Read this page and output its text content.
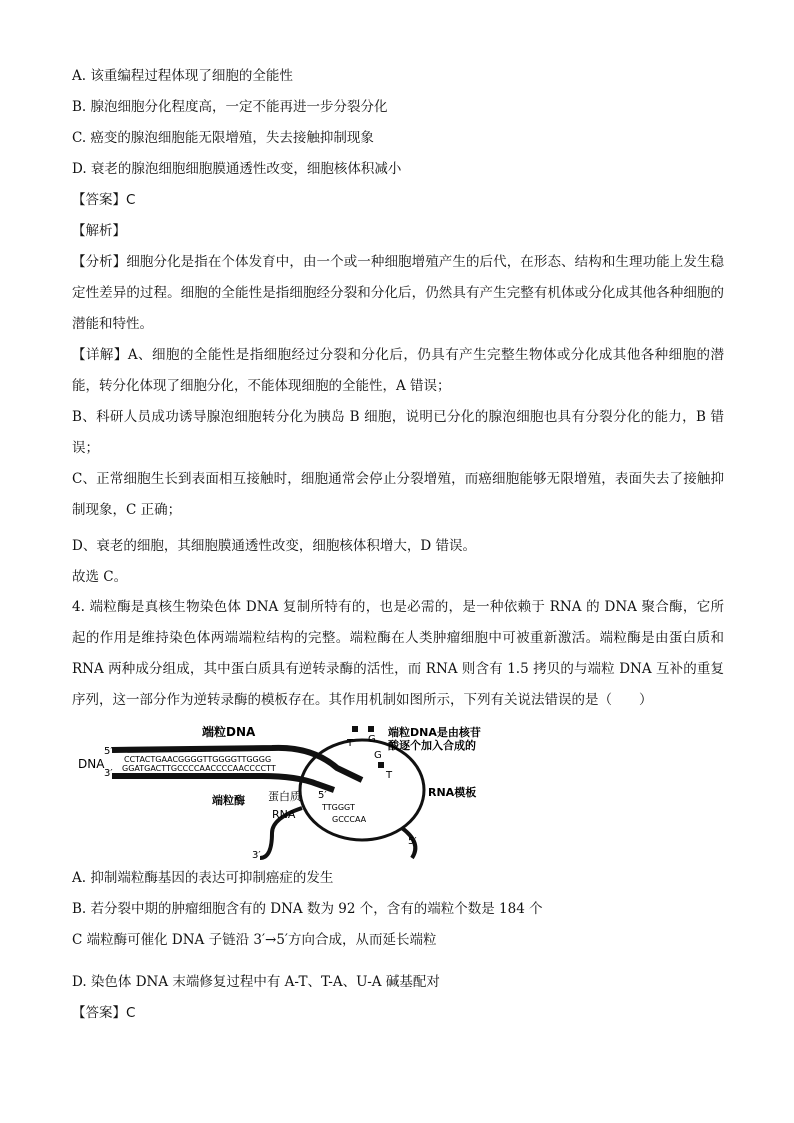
A. 该重编程过程体现了细胞的全能性
B. 腺泡细胞分化程度高，一定不能再进一步分裂分化
C. 癌变的腺泡细胞能无限增殖，失去接触抑制现象
D. 衰老的腺泡细胞细胞膜通透性改变，细胞核体积减小
【答案】C
【解析】
【分析】细胞分化是指在个体发育中，由一个或一种细胞增殖产生的后代，在形态、结构和生理功能上发生稳定性差异的过程。细胞的全能性是指细胞经分裂和分化后，仍然具有产生完整有机体或分化成其他各种细胞的潜能和特性。
【详解】A、细胞的全能性是指细胞经过分裂和分化后，仍具有产生完整生物体或分化成其他各种细胞的潜能，转分化体现了细胞分化，不能体现细胞的全能性，A 错误；
B、科研人员成功诱导腺泡细胞转分化为胰岛 B 细胞，说明已分化的腺泡细胞也具有分裂分化的能力，B 错误；
C、正常细胞生长到表面相互接触时，细胞通常会停止分裂增殖，而癌细胞能够无限增殖，表面失去了接触抑制现象，C 正确；
D、衰老的细胞，其细胞膜通透性改变，细胞核体积增大，D 错误。
故选 C。
4. 端粒酶是真核生物染色体 DNA 复制所特有的，也是必需的，是一种依赖于 RNA 的 DNA 聚合酶，它所起的作用是维持染色体两端端粒结构的完整。端粒酶在人类肿瘤细胞中可被重新激活。端粒酶是由蛋白质和 RNA 两种成分组成，其中蛋白质具有逆转录酶的活性，而 RNA 则含有 1.5 拷贝的与端粒 DNA 互补的重复序列，这一部分作为逆转录酶的模板存在。其作用机制如图所示，下列有关说法错误的是（　　）
DNA
5′
3′
端粒DNA
CCTACTGAACGGGGTTGGGGTTGGGG
GGATGACTTGCCCCAACCCCAACCCCTT
5′
TTGGGT
GCCCAA
T G
G
T
端粒DNA是由核苷
酸逐个加入合成的
RNA
蛋白质
端粒酶
RNA模板
5′
3′
A. 抑制端粒酶基因的表达可抑制癌症的发生
B. 若分裂中期的肿瘤细胞含有的 DNA 数为 92 个，含有的端粒个数是 184 个
C 端粒酶可催化 DNA 子链沿 3′→5′方向合成，从而延长端粒
D. 染色体 DNA 末端修复过程中有 A-T、T-A、U-A 碱基配对
【答案】C
